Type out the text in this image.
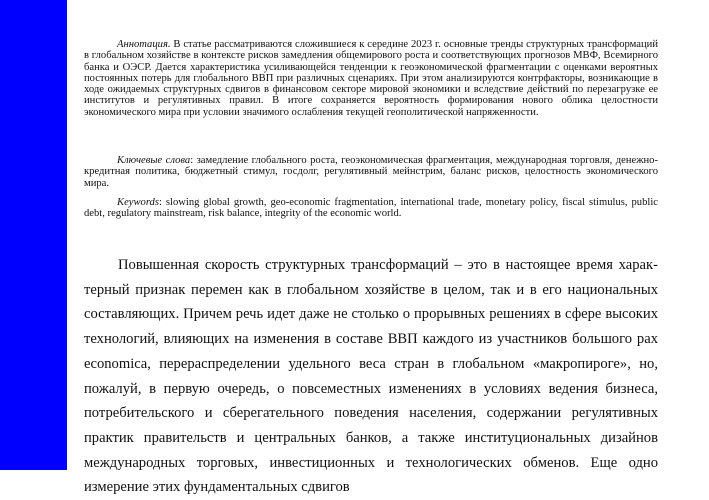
Аннотация. В статье рассматриваются сложившиеся к середине 2023 г. основные тренды структурных трансформаций в глобальном хозяйстве в контексте рисков замедления общемирового роста и соответствующих прогнозов МВФ, Всемирного банка и ОЭСР. Дается характеристика усиливающейся тенденции к геоэкономической фрагментации с оценками вероятных постоянных потерь для глобального ВВП при различных сценариях. При этом анализируются контрфакторы, возникающие в ходе ожидаемых структурных сдвигов в финансовом секторе мировой экономики и вследствие действий по перезагрузке ее институтов и регулятивных правил. В итоге сохраняется вероятность формирования нового облика целостности экономического мира при условии значимого ослабления текущей геополитической напряженности.

Ключевые слова: замедление глобального роста, геоэкономическая фрагментация, международная торговля, денежно-кредитная политика, бюджетный стимул, госдолг, регулятивный мейнстрим, баланс рисков, целостность экономического мира.

Keywords: slowing global growth, geo-economic fragmentation, international trade, monetary policy, fiscal stimulus, public debt, regulatory mainstream, risk balance, integrity of the economic world.

Повышенная скорость структурных трансформаций – это в настоящее время характерный признак перемен как в глобальном хозяйстве в целом, так и в его национальных составляющих. Причем речь идет даже не столько о прорывных решениях в сфере высоких технологий, влияющих на изменения в составе ВВП каждого из участников большого рах economica, перераспределении удельного веса стран в глобальном «макропироге», но, пожалуй, в первую очередь, о повсеместных изменениях в условиях ведения бизнеса, потребительского и сберегательного поведения населения, содержании регулятивных практик правительств и центральных банков, а также институциональных дизайнов международных торговых, инвестиционных и технологических обменов. Еще одно измерение этих фундаментальных сдвигов
